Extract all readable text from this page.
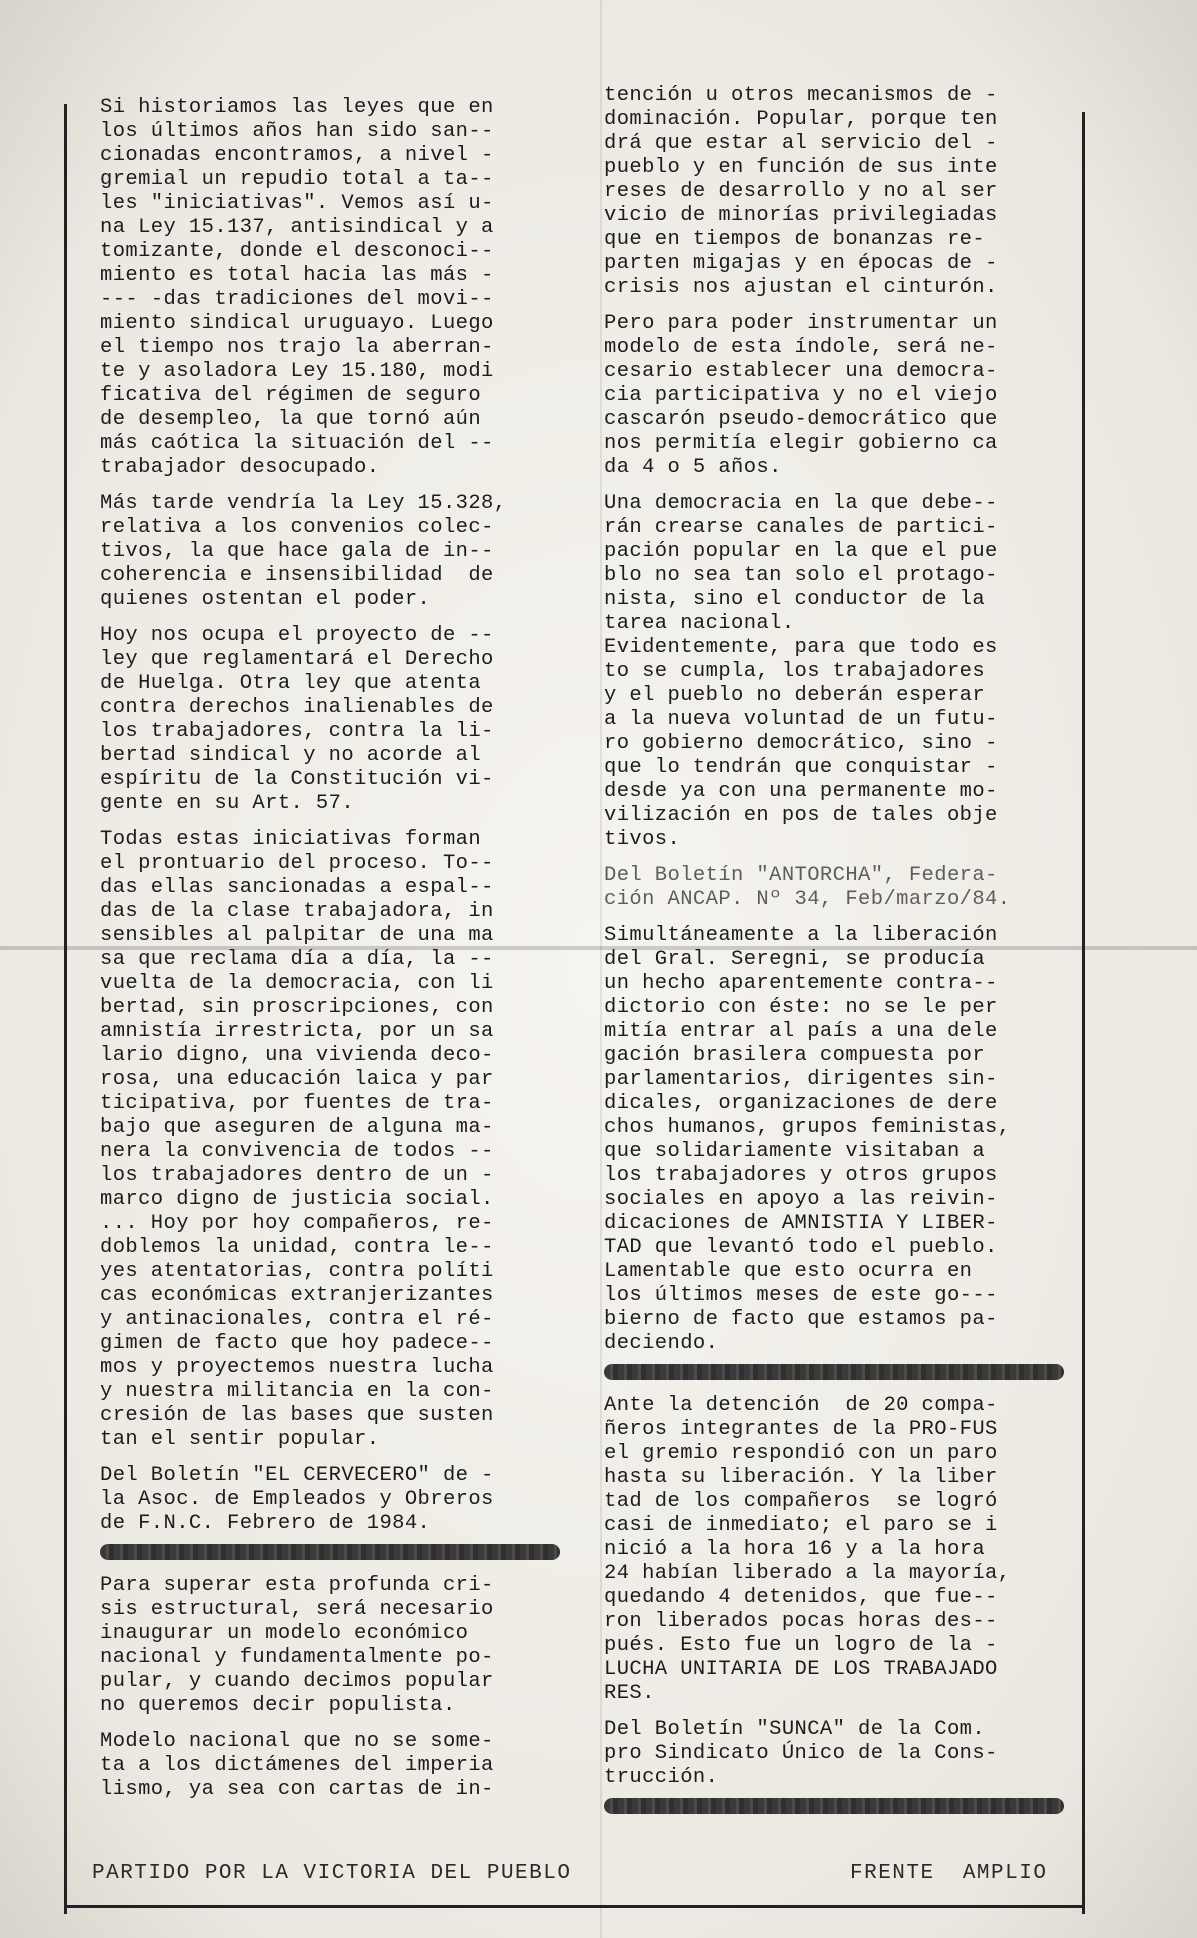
Si historiamos las leyes que en
los últimos años han sido san--
cionadas encontramos, a nivel -
gremial un repudio total a ta--
les "iniciativas". Vemos así u-
na Ley 15.137, antisindical y a
tomizante, donde el desconoci--
miento es total hacia las más -
--- -das tradiciones del movi--
miento sindical uruguayo. Luego
el tiempo nos trajo la aberran-
te y asoladora Ley 15.180, modi
ficativa del régimen de seguro
de desempleo, la que tornó aún
más caótica la situación del --
trabajador desocupado.

Más tarde vendría la Ley 15.328,
relativa a los convenios colec-
tivos, la que hace gala de in--
coherencia e insensibilidad  de
quienes ostentan el poder.

Hoy nos ocupa el proyecto de --
ley que reglamentará el Derecho
de Huelga. Otra ley que atenta
contra derechos inalienables de
los trabajadores, contra la li-
bertad sindical y no acorde al
espíritu de la Constitución vi-
gente en su Art. 57.

Todas estas iniciativas forman
el prontuario del proceso. To--
das ellas sancionadas a espal--
das de la clase trabajadora, in

sensibles al palpitar de una ma
sa que reclama día a día, la --
vuelta de la democracia, con li
bertad, sin proscripciones, con
amnistía irrestricta, por un sa
lario digno, una vivienda deco-
rosa, una educación laica y par
ticipativa, por fuentes de tra-
bajo que aseguren de alguna ma-
nera la convivencia de todos --
los trabajadores dentro de un -
marco digno de justicia social.
... Hoy por hoy compañeros, re-
doblemos la unidad, contra le--
yes atentatorias, contra políti
cas económicas extranjerizantes
y antinacionales, contra el ré-
gimen de facto que hoy padece--
mos y proyectemos nuestra lucha
y nuestra militancia en la con-
cresión de las bases que susten
tan el sentir popular.

Del Boletín "EL CERVECERO" de -
la Asoc. de Empleados y Obreros
de F.N.C. Febrero de 1984.

Para superar esta profunda cri-
sis estructural, será necesario
inaugurar un modelo económico
nacional y fundamentalmente po-
pular, y cuando decimos popular
no queremos decir populista.

Modelo nacional que no se some-
ta a los dictámenes del imperia
lismo, ya sea con cartas de in-

tención u otros mecanismos de -
dominación. Popular, porque ten
drá que estar al servicio del -
pueblo y en función de sus inte
reses de desarrollo y no al ser
vicio de minorías privilegiadas
que en tiempos de bonanzas re-
parten migajas y en épocas de -
crisis nos ajustan el cinturón.

Pero para poder instrumentar un
modelo de esta índole, será ne-
cesario establecer una democra-
cia participativa y no el viejo
cascarón pseudo-democrático que
nos permitía elegir gobierno ca
da 4 o 5 años.

Una democracia en la que debe--
rán crearse canales de partici-
pación popular en la que el pue
blo no sea tan solo el protago-
nista, sino el conductor de la
tarea nacional.
Evidentemente, para que todo es
to se cumpla, los trabajadores
y el pueblo no deberán esperar
a la nueva voluntad de un futu-
ro gobierno democrático, sino -
que lo tendrán que conquistar -
desde ya con una permanente mo-
vilización en pos de tales obje
tivos.

Del Boletín "ANTORCHA", Federa-
ción ANCAP. Nº 34, Feb/marzo/84.

Simultáneamente a la liberación
del Gral. Seregni, se producía
un hecho aparentemente contra--
dictorio con éste: no se le per
mitía entrar al país a una dele
gación brasilera compuesta por
parlamentarios, dirigentes sin-
dicales, organizaciones de dere
chos humanos, grupos feministas,
que solidariamente visitaban a
los trabajadores y otros grupos
sociales en apoyo a las reivin-
dicaciones de AMNISTIA Y LIBER-
TAD que levantó todo el pueblo.
Lamentable que esto ocurra en
los últimos meses de este go---
bierno de facto que estamos pa-
deciendo.

Ante la detención  de 20 compa-
ñeros integrantes de la PRO-FUS
el gremio respondió con un paro
hasta su liberación. Y la liber
tad de los compañeros  se logró
casi de inmediato; el paro se i
nició a la hora 16 y a la hora
24 habían liberado a la mayoría,
quedando 4 detenidos, que fue--
ron liberados pocas horas des--
pués. Esto fue un logro de la -
LUCHA UNITARIA DE LOS TRABAJADO
RES.

Del Boletín "SUNCA" de la Com.
pro Sindicato Único de la Cons-
trucción.

PARTIDO POR LA VICTORIA DEL PUEBLO	FRENTE  AMPLIO
